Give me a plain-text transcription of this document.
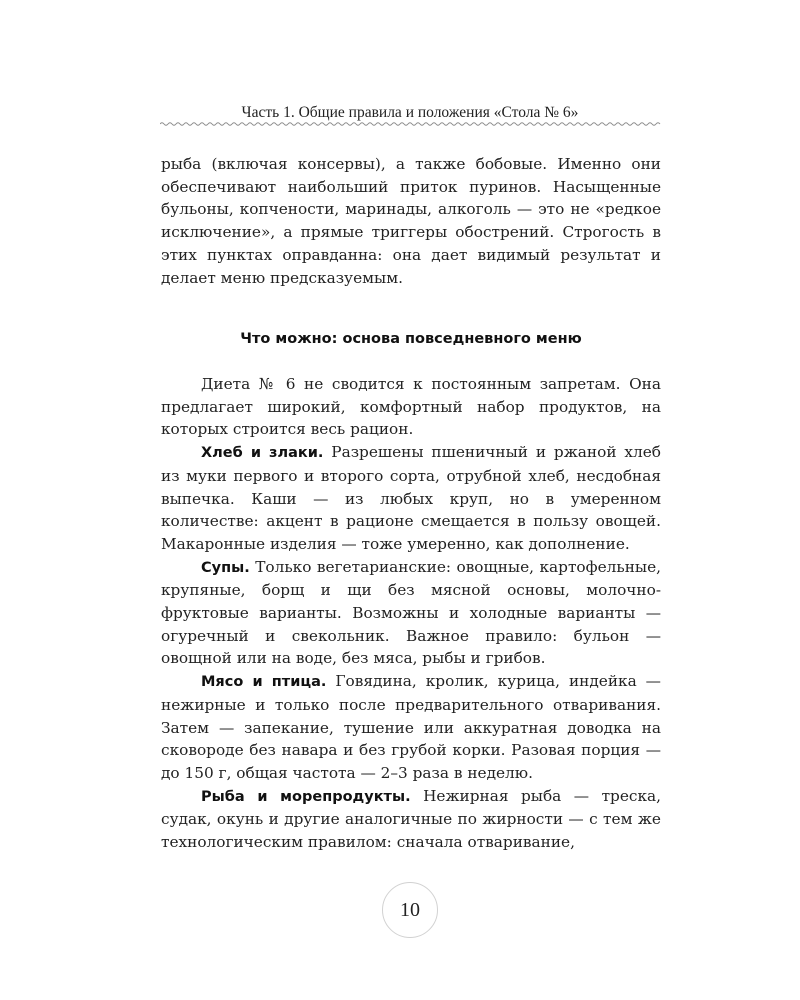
Часть 1. Общие правила и положения «Стола № 6»

рыба (включая консервы), а также бобовые. Именно они обеспечивают наибольший приток пуринов. Насыщенные бульоны, копчености, маринады, алкоголь — это не «редкое исключение», а прямые триггеры обострений. Строгость в этих пунктах оправданна: она дает видимый результат и делает меню предсказуемым.

Что можно: основа повседневного меню

Диета № 6 не сводится к постоянным запретам. Она предлагает широкий, комфортный набор продуктов, на которых строится весь рацион.

Хлеб и злаки. Разрешены пшеничный и ржаной хлеб из муки первого и второго сорта, отрубной хлеб, несдобная выпечка. Каши — из любых круп, но в умеренном количестве: акцент в рационе смещается в пользу овощей. Макаронные изделия — тоже умеренно, как дополнение.

Супы. Только вегетарианские: овощные, картофельные, крупяные, борщ и щи без мясной основы, молочно-фруктовые варианты. Возможны и холодные варианты — огуречный и свекольник. Важное правило: бульон — овощной или на воде, без мяса, рыбы и грибов.

Мясо и птица. Говядина, кролик, курица, индейка — нежирные и только после предварительного отваривания. Затем — запекание, тушение или аккуратная доводка на сковороде без навара и без грубой корки. Разовая порция — до 150 г, общая частота — 2–3 раза в неделю.

Рыба и морепродукты. Нежирная рыба — треска, судак, окунь и другие аналогичные по жирности — с тем же технологическим правилом: сначала отваривание,

10
